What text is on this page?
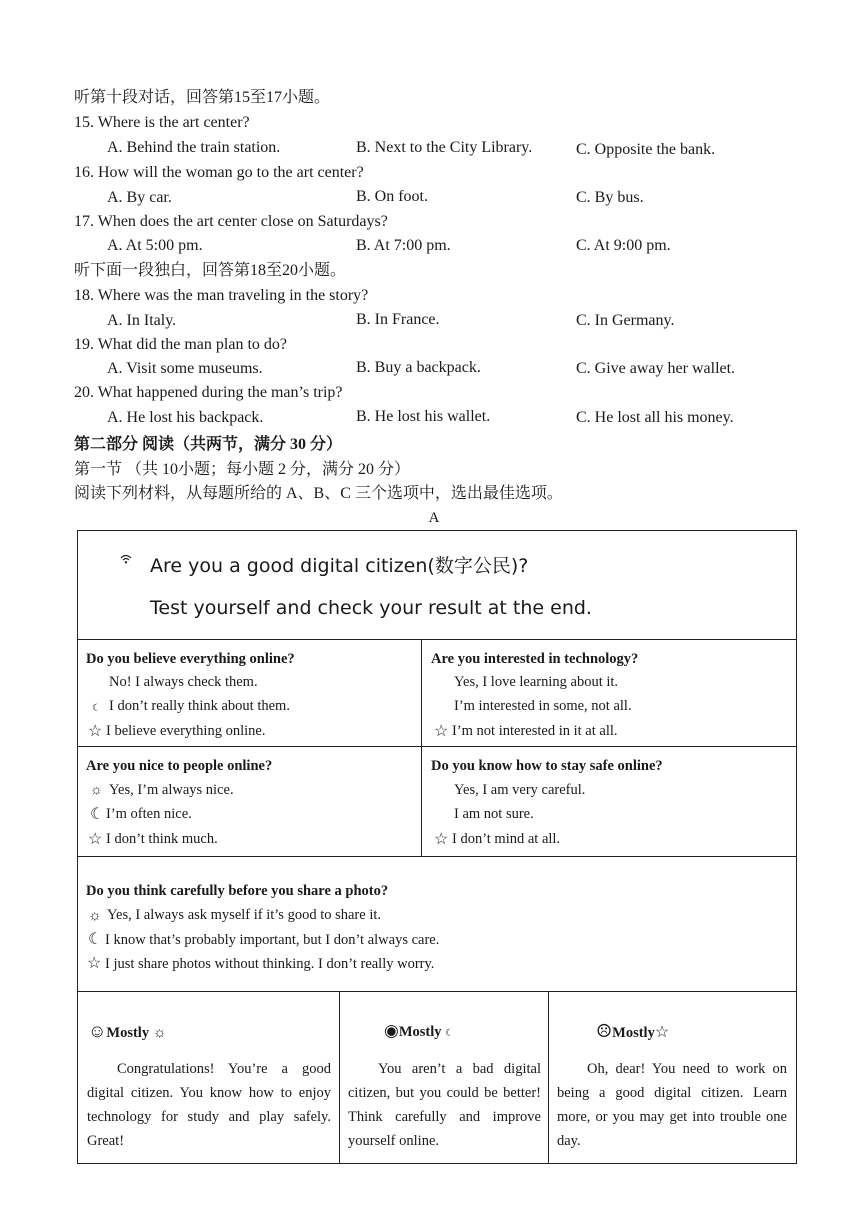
听第十段对话，回答第15至17小题。
15. Where is the art center?
A. Behind the train station.	B. Next to the City Library.	C. Opposite the bank.
16. How will the woman go to the art center?
A. By car.	B. On foot.	C. By bus.
17. When does the art center close on Saturdays?
A. At 5:00 pm.	B. At 7:00 pm.	C. At 9:00 pm.
听下面一段独白，回答第18至20小题。
18. Where was the man traveling in the story?
A. In Italy.	B. In France.	C. In Germany.
19. What did the man plan to do?
A. Visit some museums.	B. Buy a backpack.	C. Give away her wallet.
20. What happened during the man’s trip?
A. He lost his backpack.	B. He lost his wallet.	C. He lost all his money.
第二部分 阅读（共两节，满分 30 分）
第一节 （共 10小题；每小题 2 分，满分 20 分）
阅读下列材料，从每题所给的 A、B、C 三个选项中，选出最佳选项。
A
Are you a good digital citizen(数字公民)?
Test yourself and check your result at the end.
Do you believe everything online?
No! I always check them.
☾ I don’t really think about them.
☆ I believe everything online.
Are you interested in technology?
Yes, I love learning about it.
I’m interested in some, not all.
☆ I’m not interested in it at all.
Are you nice to people online?
☼ Yes, I’m always nice.
☾ I’m often nice.
☆ I don’t think much.
Do you know how to stay safe online?
Yes, I am very careful.
I am not sure.
☆ I don’t mind at all.
Do you think carefully before you share a photo?
☼ Yes, I always ask myself if it’s good to share it.
☾ I know that’s probably important, but I don’t always care.
☆ I just share photos without thinking. I don’t really worry.
☺Mostly ☼
Congratulations! You’re a good digital citizen. You know how to enjoy technology for study and play safely. Great!
◉Mostly ☾
You aren’t a bad digital citizen, but you could be better! Think carefully and improve yourself online.
☹Mostly☆
Oh, dear! You need to work on being a good digital citizen. Learn more, or you may get into trouble one day.
